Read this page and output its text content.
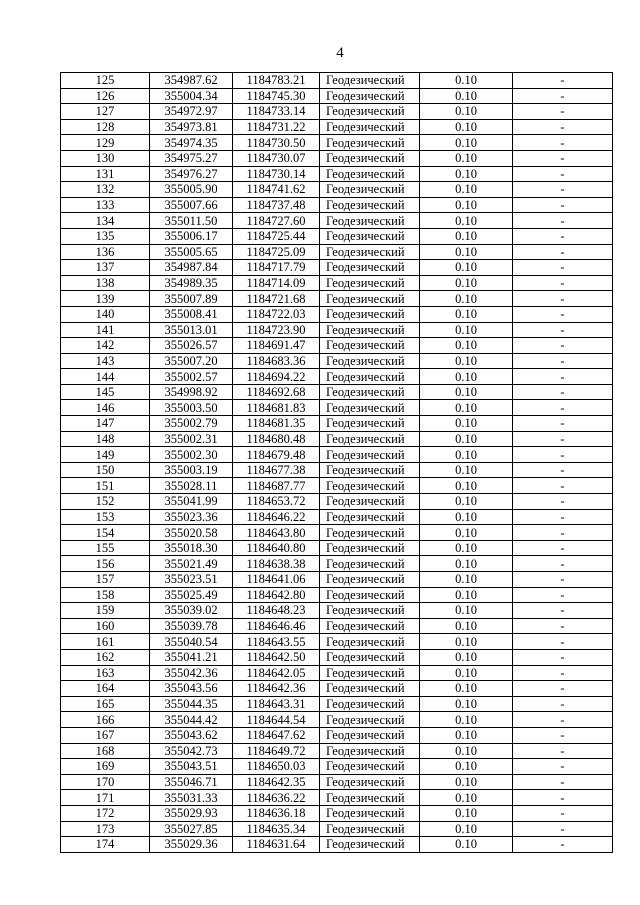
4
125	354987.62	1184783.21	Геодезический	0.10	-
126	355004.34	1184745.30	Геодезический	0.10	-
127	354972.97	1184733.14	Геодезический	0.10	-
128	354973.81	1184731.22	Геодезический	0.10	-
129	354974.35	1184730.50	Геодезический	0.10	-
130	354975.27	1184730.07	Геодезический	0.10	-
131	354976.27	1184730.14	Геодезический	0.10	-
132	355005.90	1184741.62	Геодезический	0.10	-
133	355007.66	1184737.48	Геодезический	0.10	-
134	355011.50	1184727.60	Геодезический	0.10	-
135	355006.17	1184725.44	Геодезический	0.10	-
136	355005.65	1184725.09	Геодезический	0.10	-
137	354987.84	1184717.79	Геодезический	0.10	-
138	354989.35	1184714.09	Геодезический	0.10	-
139	355007.89	1184721.68	Геодезический	0.10	-
140	355008.41	1184722.03	Геодезический	0.10	-
141	355013.01	1184723.90	Геодезический	0.10	-
142	355026.57	1184691.47	Геодезический	0.10	-
143	355007.20	1184683.36	Геодезический	0.10	-
144	355002.57	1184694.22	Геодезический	0.10	-
145	354998.92	1184692.68	Геодезический	0.10	-
146	355003.50	1184681.83	Геодезический	0.10	-
147	355002.79	1184681.35	Геодезический	0.10	-
148	355002.31	1184680.48	Геодезический	0.10	-
149	355002.30	1184679.48	Геодезический	0.10	-
150	355003.19	1184677.38	Геодезический	0.10	-
151	355028.11	1184687.77	Геодезический	0.10	-
152	355041.99	1184653.72	Геодезический	0.10	-
153	355023.36	1184646.22	Геодезический	0.10	-
154	355020.58	1184643.80	Геодезический	0.10	-
155	355018.30	1184640.80	Геодезический	0.10	-
156	355021.49	1184638.38	Геодезический	0.10	-
157	355023.51	1184641.06	Геодезический	0.10	-
158	355025.49	1184642.80	Геодезический	0.10	-
159	355039.02	1184648.23	Геодезический	0.10	-
160	355039.78	1184646.46	Геодезический	0.10	-
161	355040.54	1184643.55	Геодезический	0.10	-
162	355041.21	1184642.50	Геодезический	0.10	-
163	355042.36	1184642.05	Геодезический	0.10	-
164	355043.56	1184642.36	Геодезический	0.10	-
165	355044.35	1184643.31	Геодезический	0.10	-
166	355044.42	1184644.54	Геодезический	0.10	-
167	355043.62	1184647.62	Геодезический	0.10	-
168	355042.73	1184649.72	Геодезический	0.10	-
169	355043.51	1184650.03	Геодезический	0.10	-
170	355046.71	1184642.35	Геодезический	0.10	-
171	355031.33	1184636.22	Геодезический	0.10	-
172	355029.93	1184636.18	Геодезический	0.10	-
173	355027.85	1184635.34	Геодезический	0.10	-
174	355029.36	1184631.64	Геодезический	0.10	-
